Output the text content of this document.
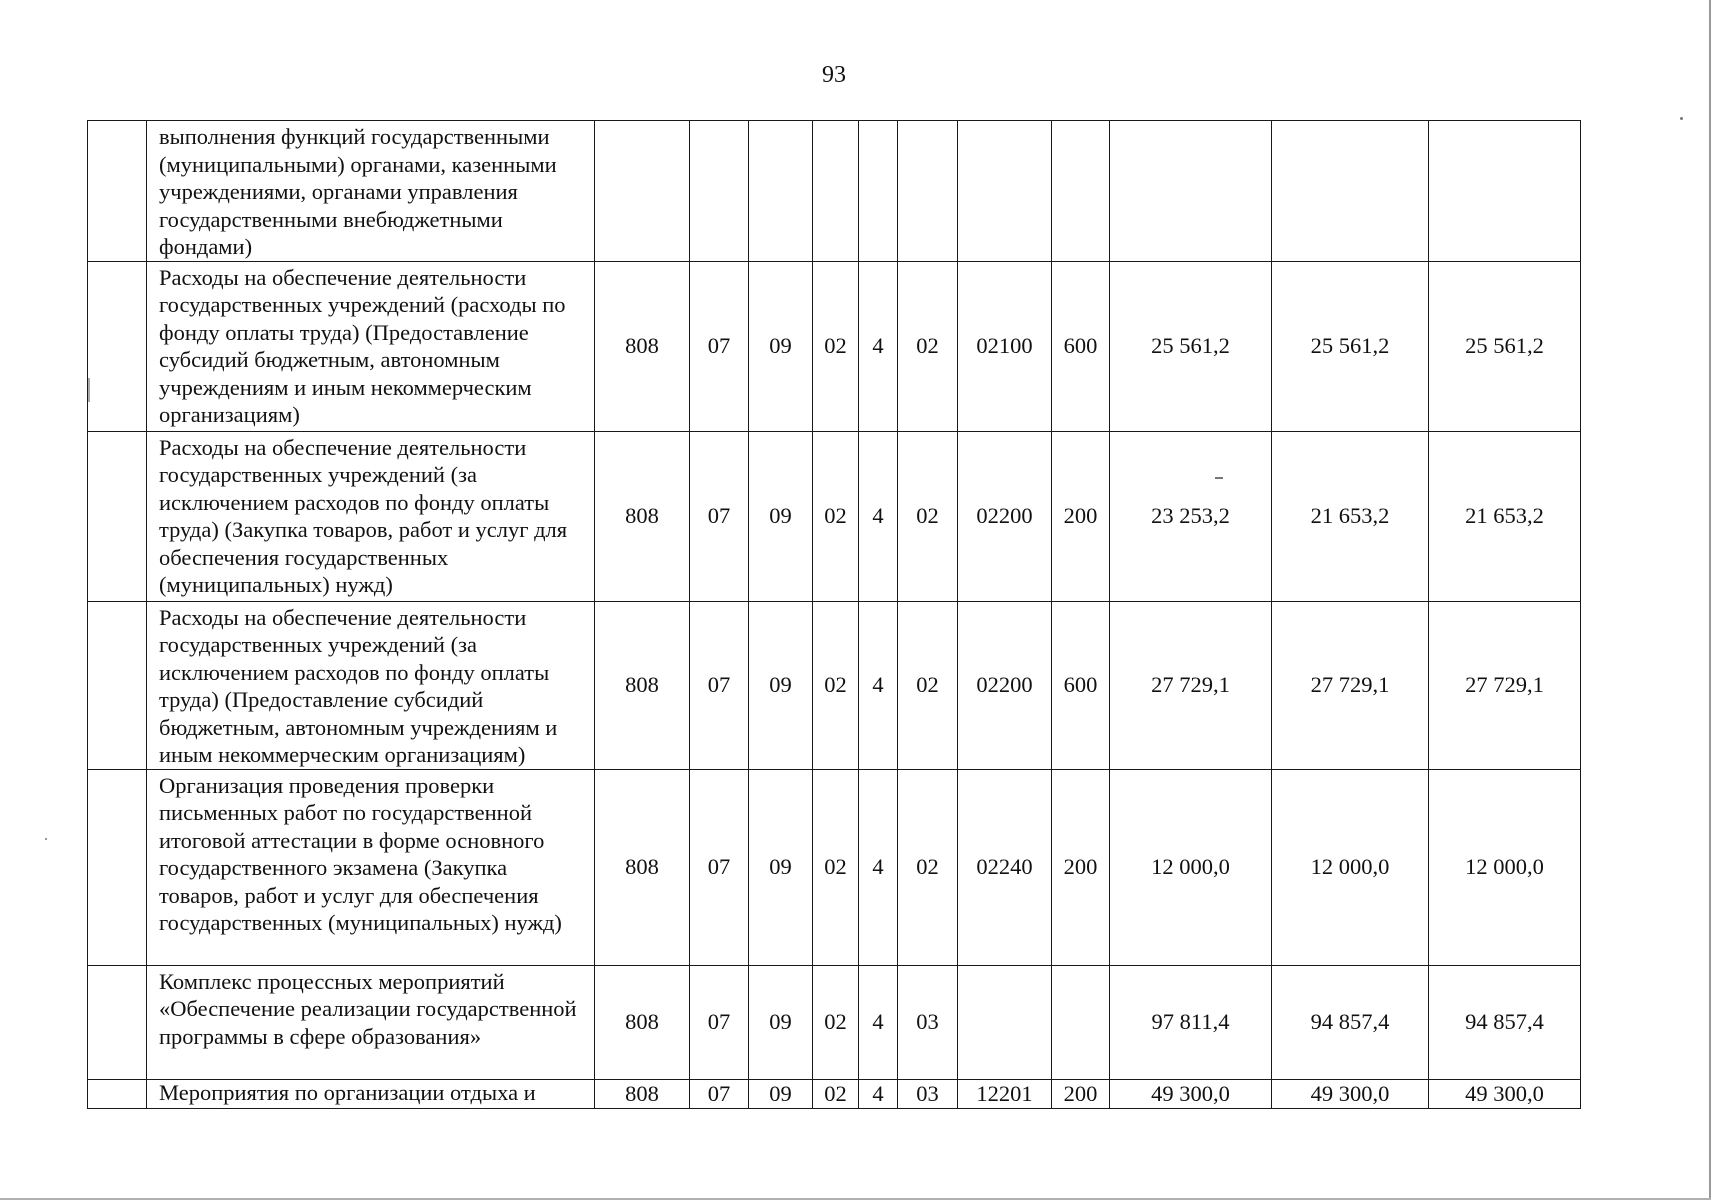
93
	выполнения функций государственными (муниципальными) органами, казенными учреждениями, органами управления государственными внебюджетными фондами)											
	Расходы на обеспечение деятельности государственных учреждений (расходы по фонду оплаты труда) (Предоставление субсидий бюджетным, автономным учреждениям и иным некоммерческим организациям)	808	07	09	02	4	02	02100	600	25 561,2	25 561,2	25 561,2
	Расходы на обеспечение деятельности государственных учреждений (за исключением расходов по фонду оплаты труда) (Закупка товаров, работ и услуг для обеспечения государственных (муниципальных) нужд)	808	07	09	02	4	02	02200	200	23 253,2	21 653,2	21 653,2
	Расходы на обеспечение деятельности государственных учреждений (за исключением расходов по фонду оплаты труда) (Предоставление субсидий бюджетным, автономным учреждениям и иным некоммерческим организациям)	808	07	09	02	4	02	02200	600	27 729,1	27 729,1	27 729,1
	Организация проведения проверки письменных работ по государственной итоговой аттестации в форме основного государственного экзамена (Закупка товаров, работ и услуг для обеспечения государственных (муниципальных) нужд)	808	07	09	02	4	02	02240	200	12 000,0	12 000,0	12 000,0
	Комплекс процессных мероприятий «Обеспечение реализации государственной программы в сфере образования»	808	07	09	02	4	03			97 811,4	94 857,4	94 857,4
	Мероприятия по организации отдыха и	808	07	09	02	4	03	12201	200	49 300,0	49 300,0	49 300,0
